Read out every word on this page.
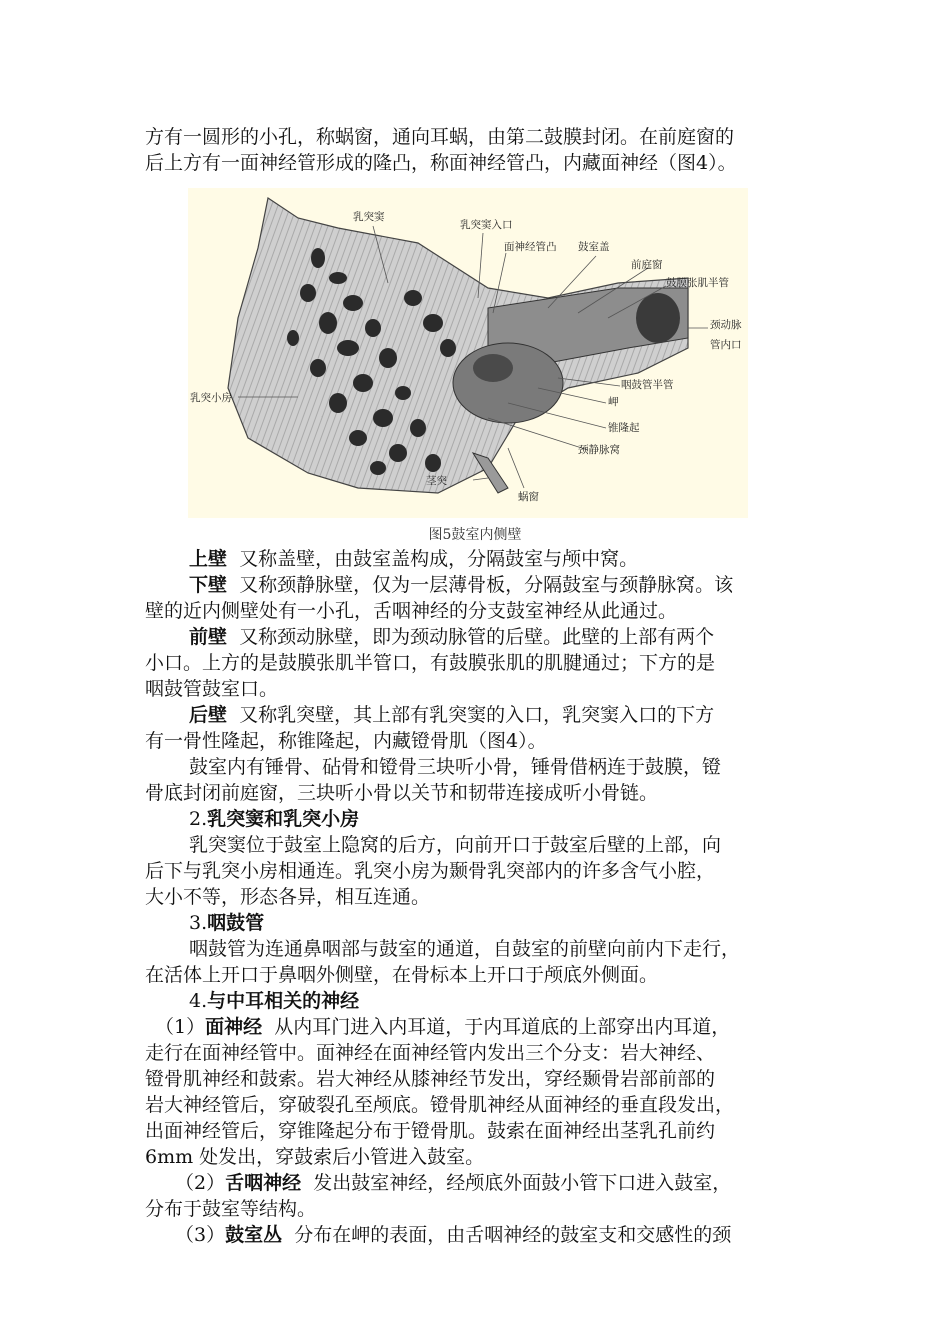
方有一圆形的小孔，称蜗窗，通向耳蜗，由第二鼓膜封闭。在前庭窗的
后上方有一面神经管形成的隆凸，称面神经管凸，内藏面神经（图4）。

乳突窦
乳突窦入口
面神经管凸 鼓室盖
前庭窗
鼓膜张肌半管
颈动脉
管内口
咽鼓管半管
岬
锥隆起
颈静脉窝
乳突小房
茎突
蜗窗
图5鼓室内侧壁

上壁 又称盖壁，由鼓室盖构成，分隔鼓室与颅中窝。

下壁 又称颈静脉壁，仅为一层薄骨板，分隔鼓室与颈静脉窝。该
壁的近内侧壁处有一小孔，舌咽神经的分支鼓室神经从此通过。

前壁 又称颈动脉壁，即为颈动脉管的后壁。此壁的上部有两个
小口。上方的是鼓膜张肌半管口，有鼓膜张肌的肌腱通过；下方的是
咽鼓管鼓室口。

后壁 又称乳突壁，其上部有乳突窦的入口，乳突窦入口的下方
有一骨性隆起，称锥隆起，内藏镫骨肌（图4）。

鼓室内有锤骨、砧骨和镫骨三块听小骨，锤骨借柄连于鼓膜，镫
骨底封闭前庭窗，三块听小骨以关节和韧带连接成听小骨链。

2.乳突窦和乳突小房

乳突窦位于鼓室上隐窝的后方，向前开口于鼓室后壁的上部，向
后下与乳突小房相通连。乳突小房为颞骨乳突部内的许多含气小腔，
大小不等，形态各异，相互连通。

3.咽鼓管

咽鼓管为连通鼻咽部与鼓室的通道，自鼓室的前壁向前内下走行，
在活体上开口于鼻咽外侧壁，在骨标本上开口于颅底外侧面。

4.与中耳相关的神经

（1）面神经 从内耳门进入内耳道，于内耳道底的上部穿出内耳道，
走行在面神经管中。面神经在面神经管内发出三个分支：岩大神经、
镫骨肌神经和鼓索。岩大神经从膝神经节发出，穿经颞骨岩部前部的
岩大神经管后，穿破裂孔至颅底。镫骨肌神经从面神经的垂直段发出，
出面神经管后，穿锥隆起分布于镫骨肌。鼓索在面神经出茎乳孔前约
6mm 处发出，穿鼓索后小管进入鼓室。

（2）舌咽神经 发出鼓室神经，经颅底外面鼓小管下口进入鼓室，
分布于鼓室等结构。

（3）鼓室丛 分布在岬的表面，由舌咽神经的鼓室支和交感性的颈
